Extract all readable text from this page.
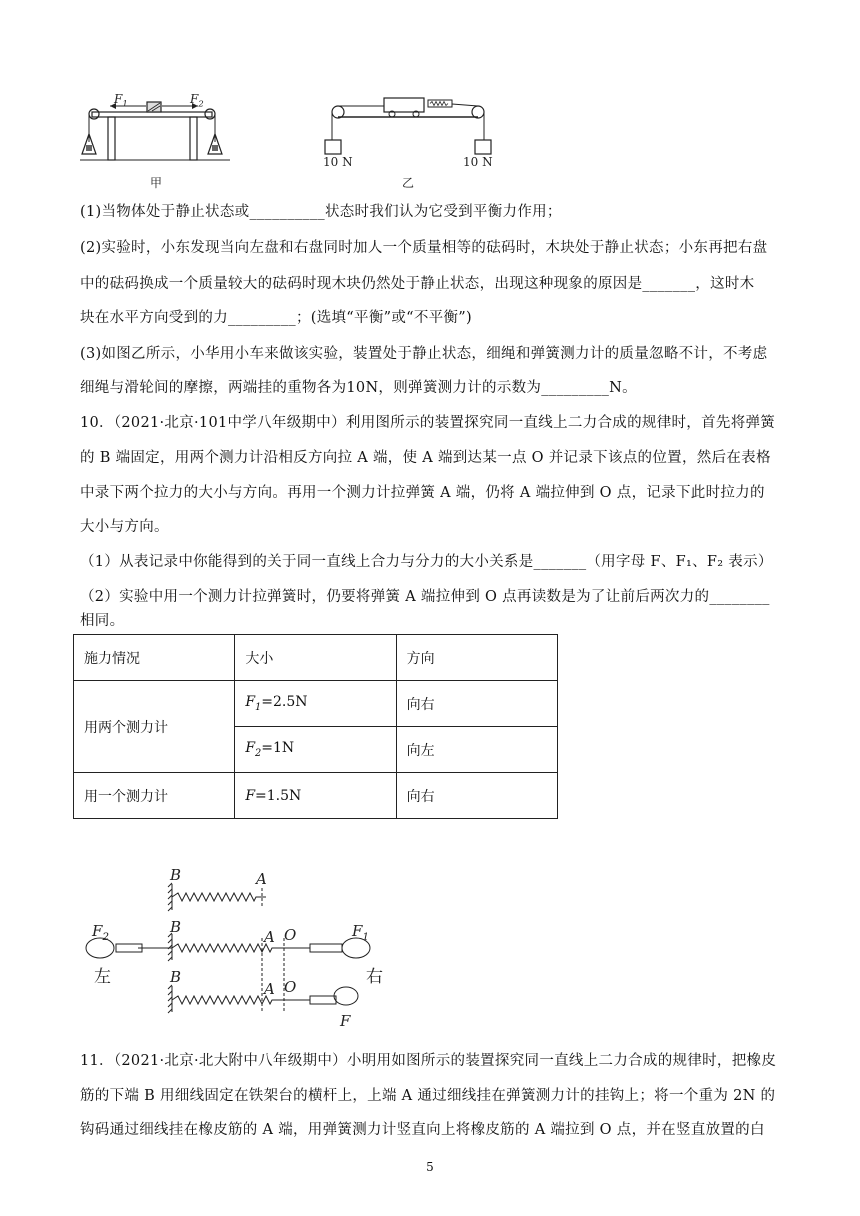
$F_1$	$F_2$
甲
10 N	10 N
乙
(1)当物体处于静止状态或__________状态时我们认为它受到平衡力作用；
(2)实验时，小东发现当向左盘和右盘同时加人一个质量相等的砝码时，木块处于静止状态；小东再把右盘
中的砝码换成一个质量较大的砝码时现木块仍然处于静止状态，出现这种现象的原因是_______，这时木
块在水平方向受到的力_________；(选填“平衡”或“不平衡”)
(3)如图乙所示，小华用小车来做该实验，装置处于静止状态，细绳和弹簧测力计的质量忽略不计，不考虑
细绳与滑轮间的摩擦，两端挂的重物各为10N，则弹簧测力计的示数为_________N。
10．（2021·北京·101中学八年级期中）利用图所示的装置探究同一直线上二力合成的规律时，首先将弹簧
的 B 端固定，用两个测力计沿相反方向拉 A 端，使 A 端到达某一点 O 并记录下该点的位置，然后在表格
中录下两个拉力的大小与方向。再用一个测力计拉弹簧 A 端，仍将 A 端拉伸到 O 点，记录下此时拉力的
大小与方向。
（1）从表记录中你能得到的关于同一直线上合力与分力的大小关系是_______（用字母 F、F₁、F₂ 表示）
（2）实验中用一个测力计拉弹簧时，仍要将弹簧 A 端拉伸到 O 点再读数是为了让前后两次力的________
相同。
施力情况	大小	方向
用两个测力计	$F_1=2.5N$	向右
	$F_2=1N$	向左
用一个测力计	F=1.5N	向右
B	A
$F_2$
B
A O	$F_1$
左	右
B
A O
F
11．（2021·北京·北大附中八年级期中）小明用如图所示的装置探究同一直线上二力合成的规律时，把橡皮
筋的下端 B 用细线固定在铁架台的横杆上，上端 A 通过细线挂在弹簧测力计的挂钩上；将一个重为 2N 的
钩码通过细线挂在橡皮筋的 A 端，用弹簧测力计竖直向上将橡皮筋的 A 端拉到 O 点，并在竖直放置的白
5
